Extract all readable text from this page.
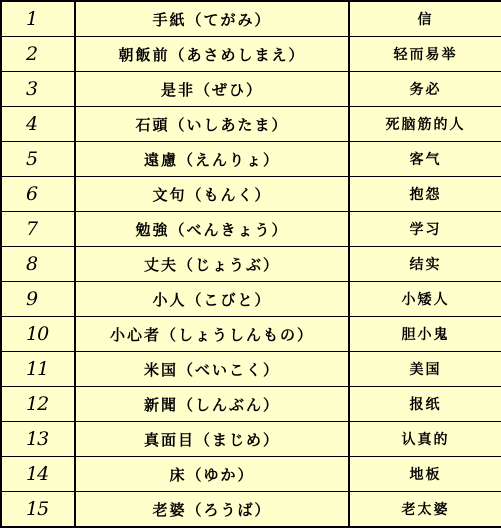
1	手紙（てがみ）	信
2	朝飯前（あさめしまえ）	轻而易举
3	是非（ぜひ）	务必
4	石頭（いしあたま）	死脑筋的人
5	遠慮（えんりょ）	客气
6	文句（もんく）	抱怨
7	勉強（べんきょう）	学习
8	丈夫（じょうぶ）	结实
9	小人（こびと）	小矮人
10	小心者（しょうしんもの）	胆小鬼
11	米国（べいこく）	美国
12	新聞（しんぶん）	报纸
13	真面目（まじめ）	认真的
14	床（ゆか）	地板
15	老婆（ろうば）	老太婆
